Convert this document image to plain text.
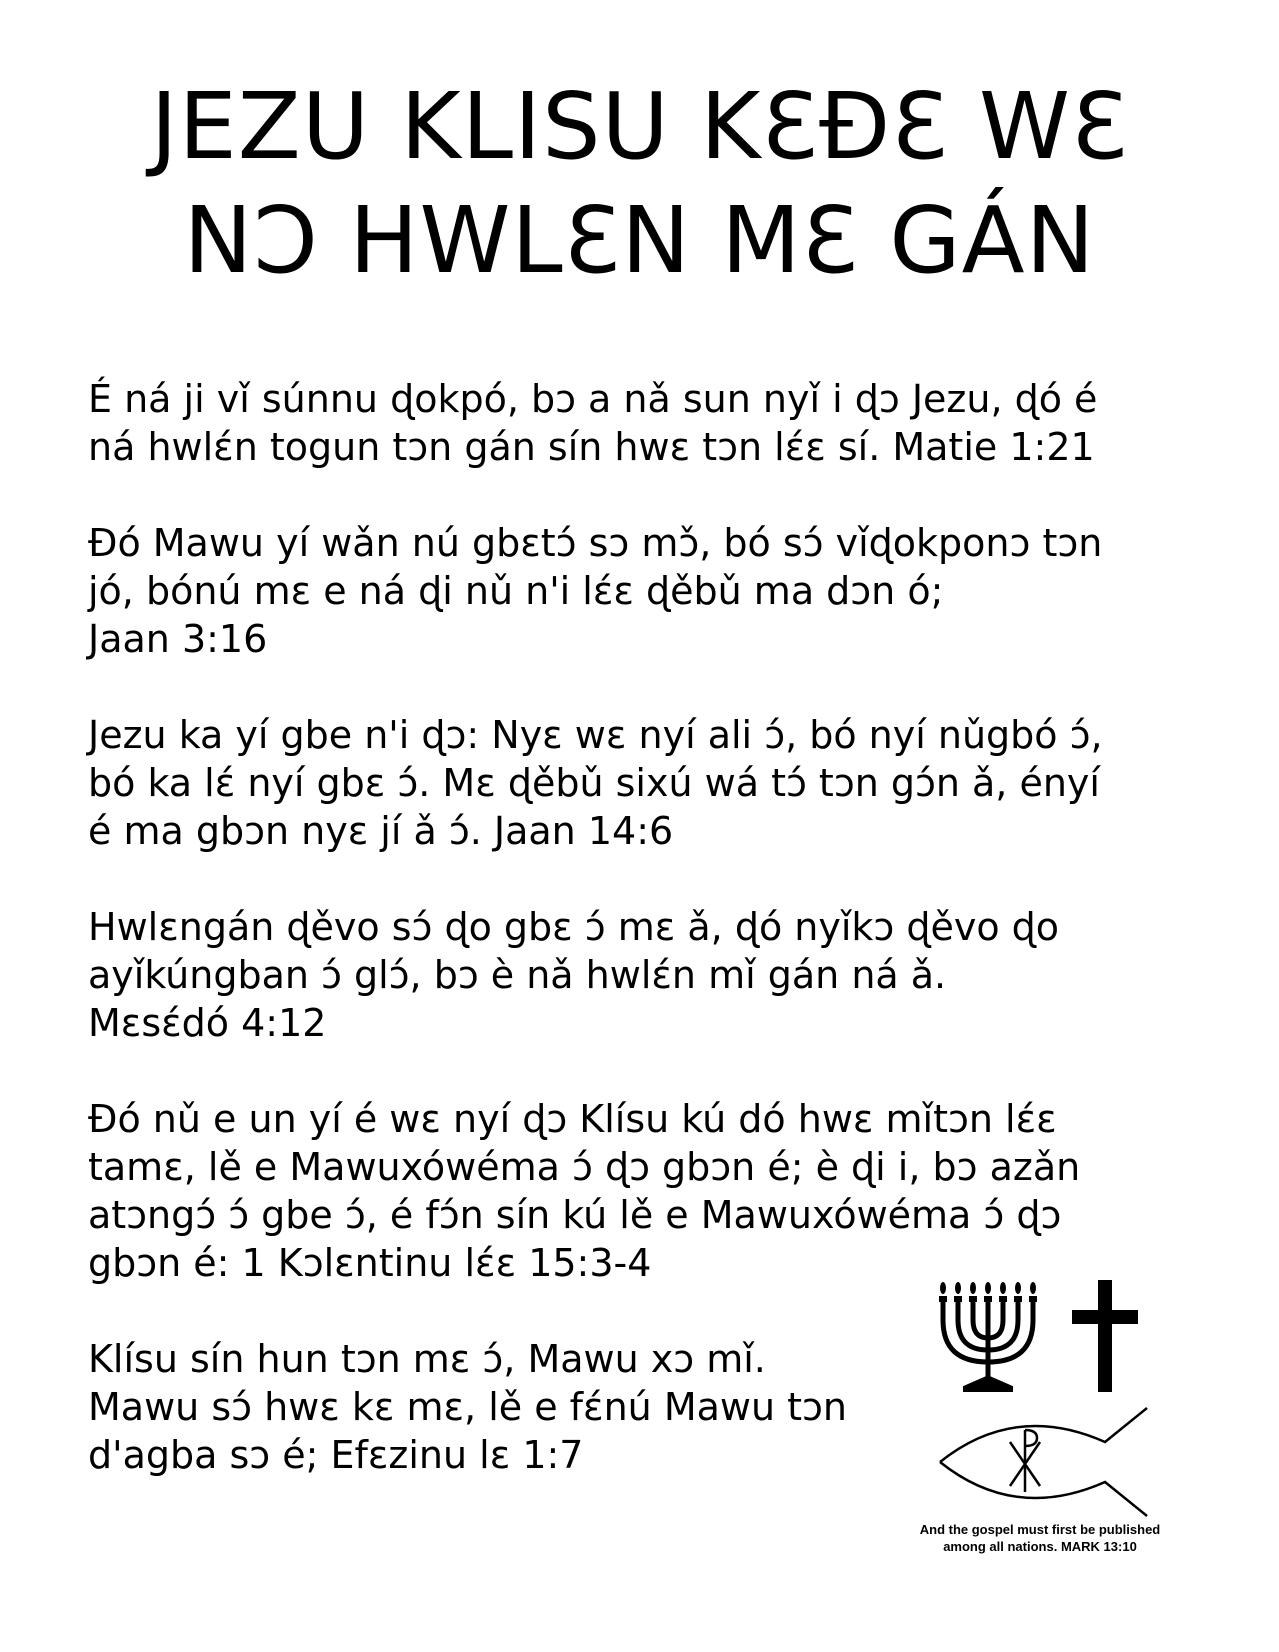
JEZU KLISU KƐĐƐ WƐ
NƆ HWLƐN MƐ GÁN

É ná ji vǐ súnnu ɖokpó, bɔ a nǎ sun nyǐ i ɖɔ Jezu, ɖó é
ná hwlɛ́n togun tɔn gán sín hwɛ tɔn lɛ́ɛ sí. Matie 1:21

Đó Mawu yí wǎn nú gbɛtɔ́ sɔ mɔ̌, bó sɔ́ vǐɖokponɔ tɔn
jó, bónú mɛ e ná ɖi nǔ n'i lɛ́ɛ ɖěbǔ ma dɔn ó;
Jaan 3:16

Jezu ka yí gbe n'i ɖɔ: Nyɛ wɛ nyí ali ɔ́, bó nyí nǔgbó ɔ́,
bó ka lɛ́ nyí gbɛ ɔ́. Mɛ ɖěbǔ sixú wá tɔ́ tɔn gɔ́n ǎ, ényí
é ma gbɔn nyɛ jí ǎ ɔ́. Jaan 14:6

Hwlɛngán ɖěvo sɔ́ ɖo gbɛ ɔ́ mɛ ǎ, ɖó nyǐkɔ ɖěvo ɖo
ayǐkúngban ɔ́ glɔ́, bɔ è nǎ hwlɛ́n mǐ gán ná ǎ.
Mɛsɛ́dó 4:12

Đó nǔ e un yí é wɛ nyí ɖɔ Klísu kú dó hwɛ mǐtɔn lɛ́ɛ
tamɛ, lě e Mawuxówéma ɔ́ ɖɔ gbɔn é; è ɖi i, bɔ azǎn
atɔngɔ́ ɔ́ gbe ɔ́, é fɔ́n sín kú lě e Mawuxówéma ɔ́ ɖɔ
gbɔn é: 1 Kɔlɛntinu lɛ́ɛ 15:3-4

Klísu sín hun tɔn mɛ ɔ́, Mawu xɔ mǐ.
Mawu sɔ́ hwɛ kɛ mɛ, lě e fɛ́nú Mawu tɔn
d'agba sɔ é; Efɛzinu lɛ 1:7

And the gospel must first be published
among all nations. MARK 13:10
